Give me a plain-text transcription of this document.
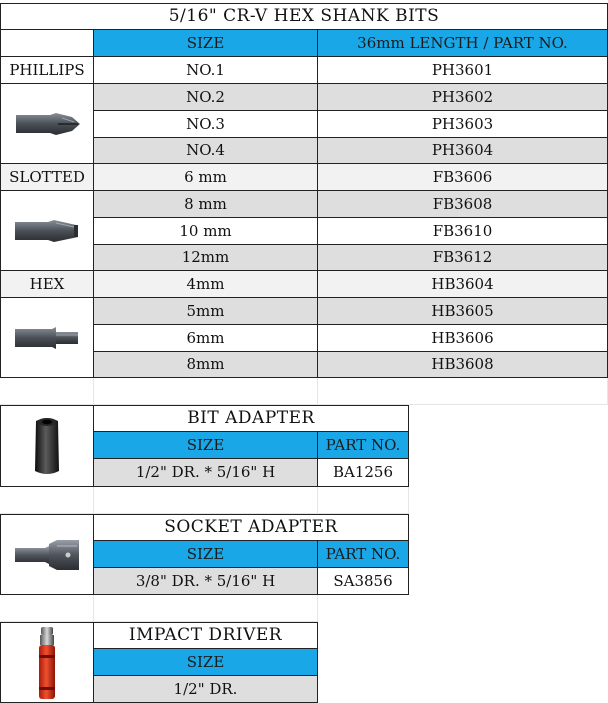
5/16" CR-V HEX SHANK BITS
SIZE	36mm LENGTH / PART NO.
PHILLIPS	NO.1	PH3601
NO.2	PH3602
NO.3	PH3603
NO.4	PH3604
SLOTTED	6 mm	FB3606
8 mm	FB3608
10 mm	FB3610
12mm	FB3612
HEX	4mm	HB3604
5mm	HB3605
6mm	HB3606
8mm	HB3608
BIT ADAPTER
SIZE	PART NO.
1/2" DR. * 5/16" H	BA1256
SOCKET ADAPTER
SIZE	PART NO.
3/8" DR. * 5/16" H	SA3856
IMPACT DRIVER
SIZE
1/2" DR.
